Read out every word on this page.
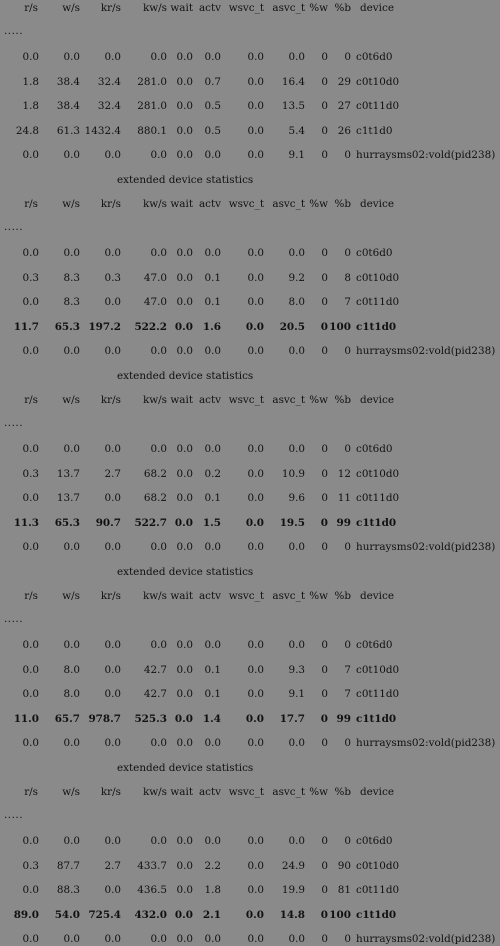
r/s	w/s	kr/s	kw/s wait actv wsvc_t asvc_t %w %b device
.....
0.0	0.0	0.0	0.0 0.0	0.0	0.0	0.0	0	0 c0t6d0
1.8	38.4	32.4	281.0 0.0	0.7	0.0	16.4	0 29 c0t10d0
1.8	38.4	32.4	281.0 0.0	0.5	0.0	13.5	0 27 c0t11d0
24.8	61.3 1432.4	880.1 0.0	0.5	0.0	5.4	0 26 c1t1d0
0.0	0.0	0.0	0.0 0.0	0.0	0.0	9.1	0	0 hurraysms02:vold(pid238)
extended device statistics
r/s	w/s	kr/s	kw/s wait actv wsvc_t asvc_t %w %b device
.....
0.0	0.0	0.0	0.0 0.0	0.0	0.0	0.0	0	0 c0t6d0
0.3	8.3	0.3	47.0 0.0	0.1	0.0	9.2	0	8 c0t10d0
0.0	8.3	0.0	47.0 0.0	0.1	0.0	8.0	0	7 c0t11d0
11.7	65.3 197.2	522.2 0.0 1.6	0.0	20.5	0 100 c1t1d0
0.0	0.0	0.0	0.0 0.0	0.0	0.0	0.0	0	0 hurraysms02:vold(pid238)
extended device statistics
r/s	w/s	kr/s	kw/s wait actv wsvc_t asvc_t %w %b device
.....
0.0	0.0	0.0	0.0 0.0	0.0	0.0	0.0	0	0 c0t6d0
0.3	13.7	2.7	68.2 0.0	0.2	0.0	10.9	0 12 c0t10d0
0.0	13.7	0.0	68.2 0.0	0.1	0.0	9.6	0 11 c0t11d0
11.3	65.3	90.7	522.7 0.0 1.5	0.0	19.5	0 99 c1t1d0
0.0	0.0	0.0	0.0 0.0	0.0	0.0	0.0	0	0 hurraysms02:vold(pid238)
extended device statistics
r/s	w/s	kr/s	kw/s wait actv wsvc_t asvc_t %w %b device
.....
0.0	0.0	0.0	0.0 0.0	0.0	0.0	0.0	0	0 c0t6d0
0.0	8.0	0.0	42.7 0.0	0.1	0.0	9.3	0	7 c0t10d0
0.0	8.0	0.0	42.7 0.0	0.1	0.0	9.1	0	7 c0t11d0
11.0	65.7 978.7	525.3 0.0 1.4	0.0	17.7	0 99 c1t1d0
0.0	0.0	0.0	0.0 0.0	0.0	0.0	0.0	0	0 hurraysms02:vold(pid238)
extended device statistics
r/s	w/s	kr/s	kw/s wait actv wsvc_t asvc_t %w %b device
.....
0.0	0.0	0.0	0.0 0.0	0.0	0.0	0.0	0	0 c0t6d0
0.3	87.7	2.7	433.7 0.0	2.2	0.0	24.9	0 90 c0t10d0
0.0	88.3	0.0	436.5 0.0	1.8	0.0	19.9	0 81 c0t11d0
89.0	54.0 725.4	432.0 0.0 2.1	0.0	14.8	0 100 c1t1d0
0.0	0.0	0.0	0.0 0.0	0.0	0.0	0.0	0	0 hurraysms02:vold(pid238)
